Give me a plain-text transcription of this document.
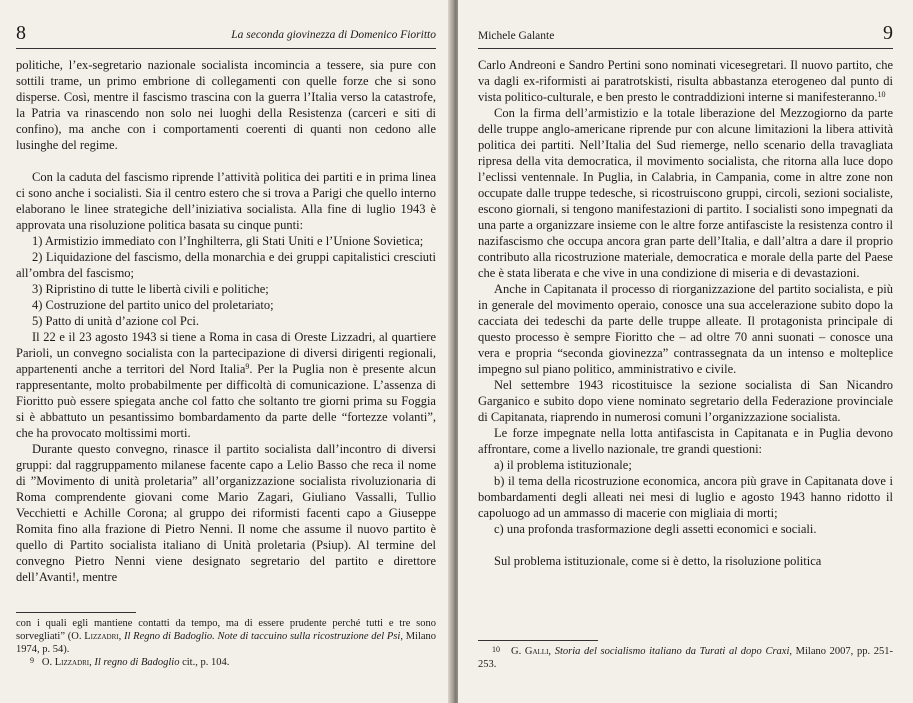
8	La seconda giovinezza di Domenico Fioritto

politiche, l’ex-segretario nazionale socialista incomincia a tessere, sia pure con sottili trame, un primo embrione di collegamenti con quelle forze che si sono disperse. Così, mentre il fascismo trascina con la guerra l’Italia verso la catastrofe, la Patria va rinascendo non solo nei luoghi della Resistenza (carceri e siti di confino), ma anche con i comportamenti coerenti di quanti non cedono alle lusinghe del regime.

Con la caduta del fascismo riprende l’attività politica dei partiti e in prima linea ci sono anche i socialisti. Sia il centro estero che si trova a Parigi che quello interno elaborano le linee strategiche dell’iniziativa socialista. Alla fine di luglio 1943 è approvata una risoluzione politica basata su cinque punti:

1) Armistizio immediato con l’Inghilterra, gli Stati Uniti e l’Unione Sovietica;

2) Liquidazione del fascismo, della monarchia e dei gruppi capitalistici cresciuti all’ombra del fascismo;

3) Ripristino di tutte le libertà civili e politiche;

4) Costruzione del partito unico del proletariato;

5) Patto di unità d’azione col Pci.

Il 22 e il 23 agosto 1943 si tiene a Roma in casa di Oreste Lizzadri, al quartiere Parioli, un convegno socialista con la partecipazione di diversi dirigenti regionali, appartenenti anche a territori del Nord Italia$^9$. Per la Puglia non è presente alcun rappresentante, molto probabilmente per difficoltà di comunicazione. L’assenza di Fioritto può essere spiegata anche col fatto che soltanto tre giorni prima su Foggia si è abbattuto un pesantissimo bombardamento da parte delle “fortezze volanti”, che ha provocato moltissimi morti.

Durante questo convegno, rinasce il partito socialista dall’incontro di diversi gruppi: dal raggruppamento milanese facente capo a Lelio Basso che reca il nome di ”Movimento di unità proletaria” all’organizzazione socialista rivoluzionaria di Roma comprendente giovani come Mario Zagari, Giuliano Vassalli, Tullio Vecchietti e Achille Corona; al gruppo dei riformisti facenti capo a Giuseppe Romita fino alla frazione di Pietro Nenni. Il nome che assume il nuovo partito è quello di Partito socialista italiano di Unità proletaria (Psiup). Al termine del convegno Pietro Nenni viene designato segretario del partito e direttore dell’Avanti!, mentre

con i quali egli mantiene contatti da tempo, ma di essere prudente perché tutti e tre sono sorvegliati” (O. Lizzadri, Il Regno di Badoglio. Note di taccuino sulla ricostruzione del Psi, Milano 1974, p. 54).

$^9$ O. Lizzadri, Il regno di Badoglio cit., p. 104.

Michele Galante	9

Carlo Andreoni e Sandro Pertini sono nominati vicesegretari. Il nuovo partito, che va dagli ex-riformisti ai paratrotskisti, risulta abbastanza eterogeneo dal punto di vista politico-culturale, e ben presto le contraddizioni interne si manifesteranno.$^{10}$

Con la firma dell’armistizio e la totale liberazione del Mezzogiorno da parte delle truppe anglo-americane riprende pur con alcune limitazioni la libera attività politica dei partiti. Nell’Italia del Sud riemerge, nello scenario della travagliata ripresa della vita democratica, il movimento socialista, che ritorna alla luce dopo l’eclissi ventennale. In Puglia, in Calabria, in Campania, come in altre zone non occupate dalle truppe tedesche, si ricostruiscono gruppi, circoli, sezioni socialiste, escono giornali, si tengono manifestazioni di partito. I socialisti sono impegnati da una parte a organizzare insieme con le altre forze antifasciste la resistenza contro il nazifascismo che occupa ancora gran parte dell’Italia, e dall’altra a dare il proprio contributo alla ricostruzione materiale, democratica e morale della parte del Paese che è stata liberata e che vive in una condizione di miseria e di devastazioni.

Anche in Capitanata il processo di riorganizzazione del partito socialista, e più in generale del movimento operaio, conosce una sua accelerazione subito dopo la cacciata dei tedeschi da parte delle truppe alleate. Il protagonista principale di questo processo è sempre Fioritto che – ad oltre 70 anni suonati – conosce una vera e propria “seconda giovinezza” contrassegnata da un intenso e molteplice impegno sul piano politico, amministrativo e civile.

Nel settembre 1943 ricostituisce la sezione socialista di San Nicandro Garganico e subito dopo viene nominato segretario della Federazione provinciale di Capitanata, riaprendo in numerosi comuni l’organizzazione socialista.

Le forze impegnate nella lotta antifascista in Capitanata e in Puglia devono affrontare, come a livello nazionale, tre grandi questioni:

a) il problema istituzionale;

b) il tema della ricostruzione economica, ancora più grave in Capitanata dove i bombardamenti degli alleati nei mesi di luglio e agosto 1943 hanno ridotto il capoluogo ad un ammasso di macerie con migliaia di morti;

c) una profonda trasformazione degli assetti economici e sociali.

Sul problema istituzionale, come si è detto, la risoluzione politica

$^{10}$ G. Galli, Storia del socialismo italiano da Turati al dopo Craxi, Milano 2007, pp. 251-253.
